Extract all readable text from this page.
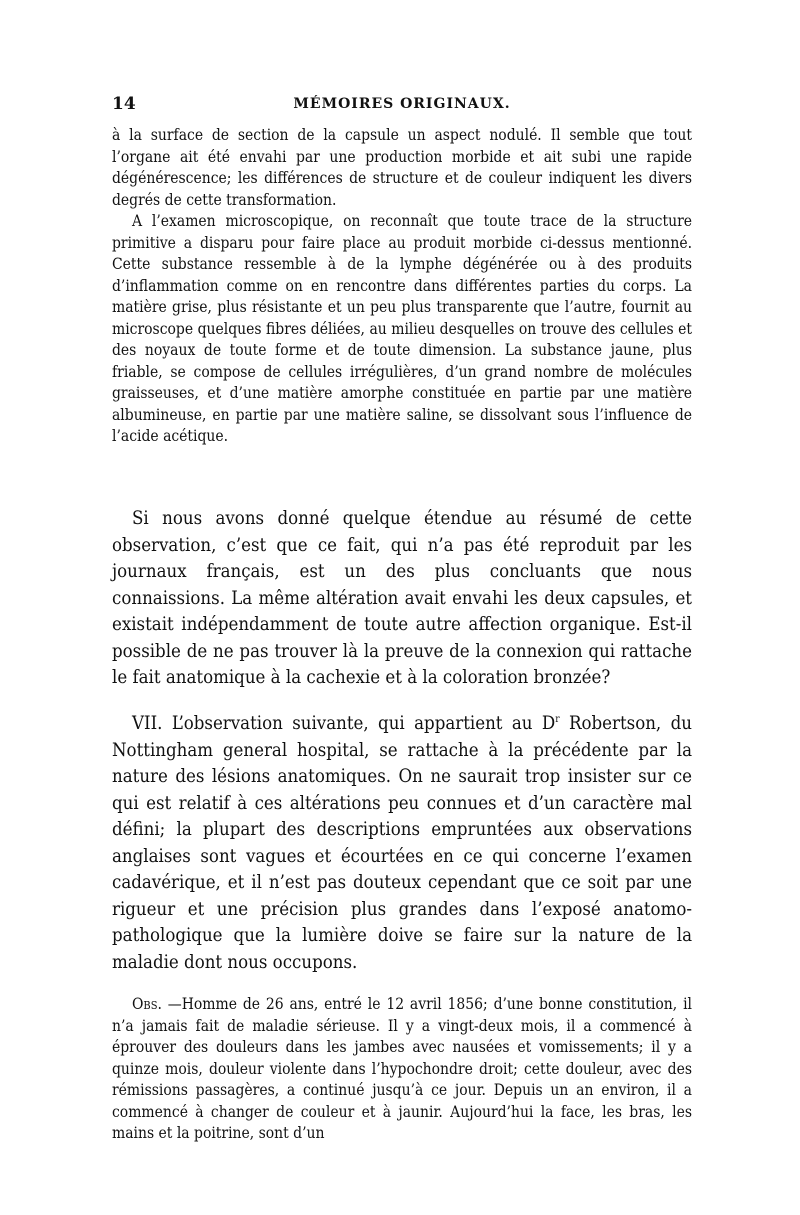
14	MÉMOIRES ORIGINAUX.

à la surface de section de la capsule un aspect nodulé. Il semble que tout l’organe ait été envahi par une production morbide et ait subi une rapide dégénérescence; les différences de structure et de couleur indiquent les divers degrés de cette transformation.

A l’examen microscopique, on reconnaît que toute trace de la structure primitive a disparu pour faire place au produit morbide ci-dessus mentionné. Cette substance ressemble à de la lymphe dégénérée ou à des produits d’inflammation comme on en rencontre dans différentes parties du corps. La matière grise, plus résistante et un peu plus transparente que l’autre, fournit au microscope quelques fibres déliées, au milieu desquelles on trouve des cellules et des noyaux de toute forme et de toute dimension. La substance jaune, plus friable, se compose de cellules irrégulières, d’un grand nombre de molécules graisseuses, et d’une matière amorphe constituée en partie par une matière albumineuse, en partie par une matière saline, se dissolvant sous l’influence de l’acide acétique.

Si nous avons donné quelque étendue au résumé de cette observation, c’est que ce fait, qui n’a pas été reproduit par les journaux français, est un des plus concluants que nous connaissions. La même altération avait envahi les deux capsules, et existait indépendamment de toute autre affection organique. Est-il possible de ne pas trouver là la preuve de la connexion qui rattache le fait anatomique à la cachexie et à la coloration bronzée?

VII. L’observation suivante, qui appartient au $D^r$ Robertson, du Nottingham general hospital, se rattache à la précédente par la nature des lésions anatomiques. On ne saurait trop insister sur ce qui est relatif à ces altérations peu connues et d’un caractère mal défini; la plupart des descriptions empruntées aux observations anglaises sont vagues et écourtées en ce qui concerne l’examen cadavérique, et il n’est pas douteux cependant que ce soit par une rigueur et une précision plus grandes dans l’exposé anatomo-pathologique que la lumière doive se faire sur la nature de la maladie dont nous occupons.

Obs. —Homme de 26 ans, entré le 12 avril 1856; d’une bonne constitution, il n’a jamais fait de maladie sérieuse. Il y a vingt-deux mois, il a commencé à éprouver des douleurs dans les jambes avec nausées et vomissements; il y a quinze mois, douleur violente dans l’hypochondre droit; cette douleur, avec des rémissions passagères, a continué jusqu’à ce jour. Depuis un an environ, il a commencé à changer de couleur et à jaunir. Aujourd’hui la face, les bras, les mains et la poitrine, sont d’un
